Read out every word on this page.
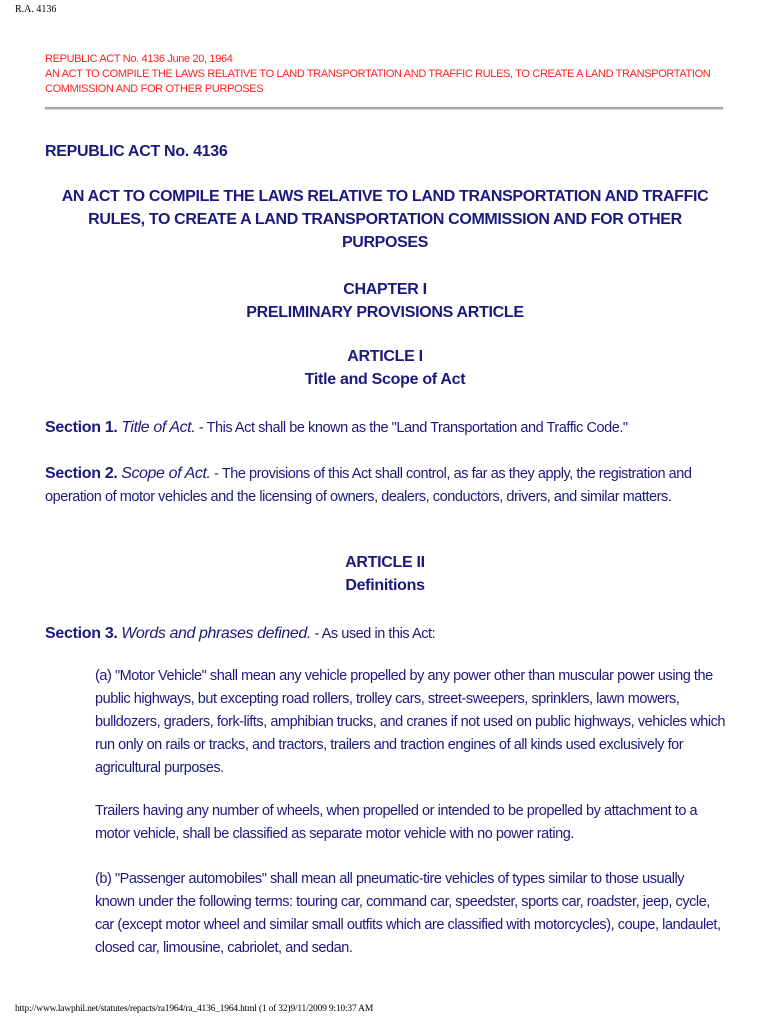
R.A. 4136
REPUBLIC ACT No. 4136 June 20, 1964
AN ACT TO COMPILE THE LAWS RELATIVE TO LAND TRANSPORTATION AND TRAFFIC RULES, TO CREATE A LAND TRANSPORTATION COMMISSION AND FOR OTHER PURPOSES
REPUBLIC ACT No. 4136
AN ACT TO COMPILE THE LAWS RELATIVE TO LAND TRANSPORTATION AND TRAFFIC RULES, TO CREATE A LAND TRANSPORTATION COMMISSION AND FOR OTHER PURPOSES
CHAPTER I
PRELIMINARY PROVISIONS ARTICLE
ARTICLE I
Title and Scope of Act
Section 1. Title of Act. - This Act shall be known as the "Land Transportation and Traffic Code."
Section 2. Scope of Act. - The provisions of this Act shall control, as far as they apply, the registration and operation of motor vehicles and the licensing of owners, dealers, conductors, drivers, and similar matters.
ARTICLE II
Definitions
Section 3. Words and phrases defined. - As used in this Act:
(a) "Motor Vehicle" shall mean any vehicle propelled by any power other than muscular power using the public highways, but excepting road rollers, trolley cars, street-sweepers, sprinklers, lawn mowers, bulldozers, graders, fork-lifts, amphibian trucks, and cranes if not used on public highways, vehicles which run only on rails or tracks, and tractors, trailers and traction engines of all kinds used exclusively for agricultural purposes.
Trailers having any number of wheels, when propelled or intended to be propelled by attachment to a motor vehicle, shall be classified as separate motor vehicle with no power rating.
(b) "Passenger automobiles" shall mean all pneumatic-tire vehicles of types similar to those usually known under the following terms: touring car, command car, speedster, sports car, roadster, jeep, cycle, car (except motor wheel and similar small outfits which are classified with motorcycles), coupe, landaulet, closed car, limousine, cabriolet, and sedan.
http://www.lawphil.net/statutes/repacts/ra1964/ra_4136_1964.html (1 of 32)9/11/2009 9:10:37 AM
